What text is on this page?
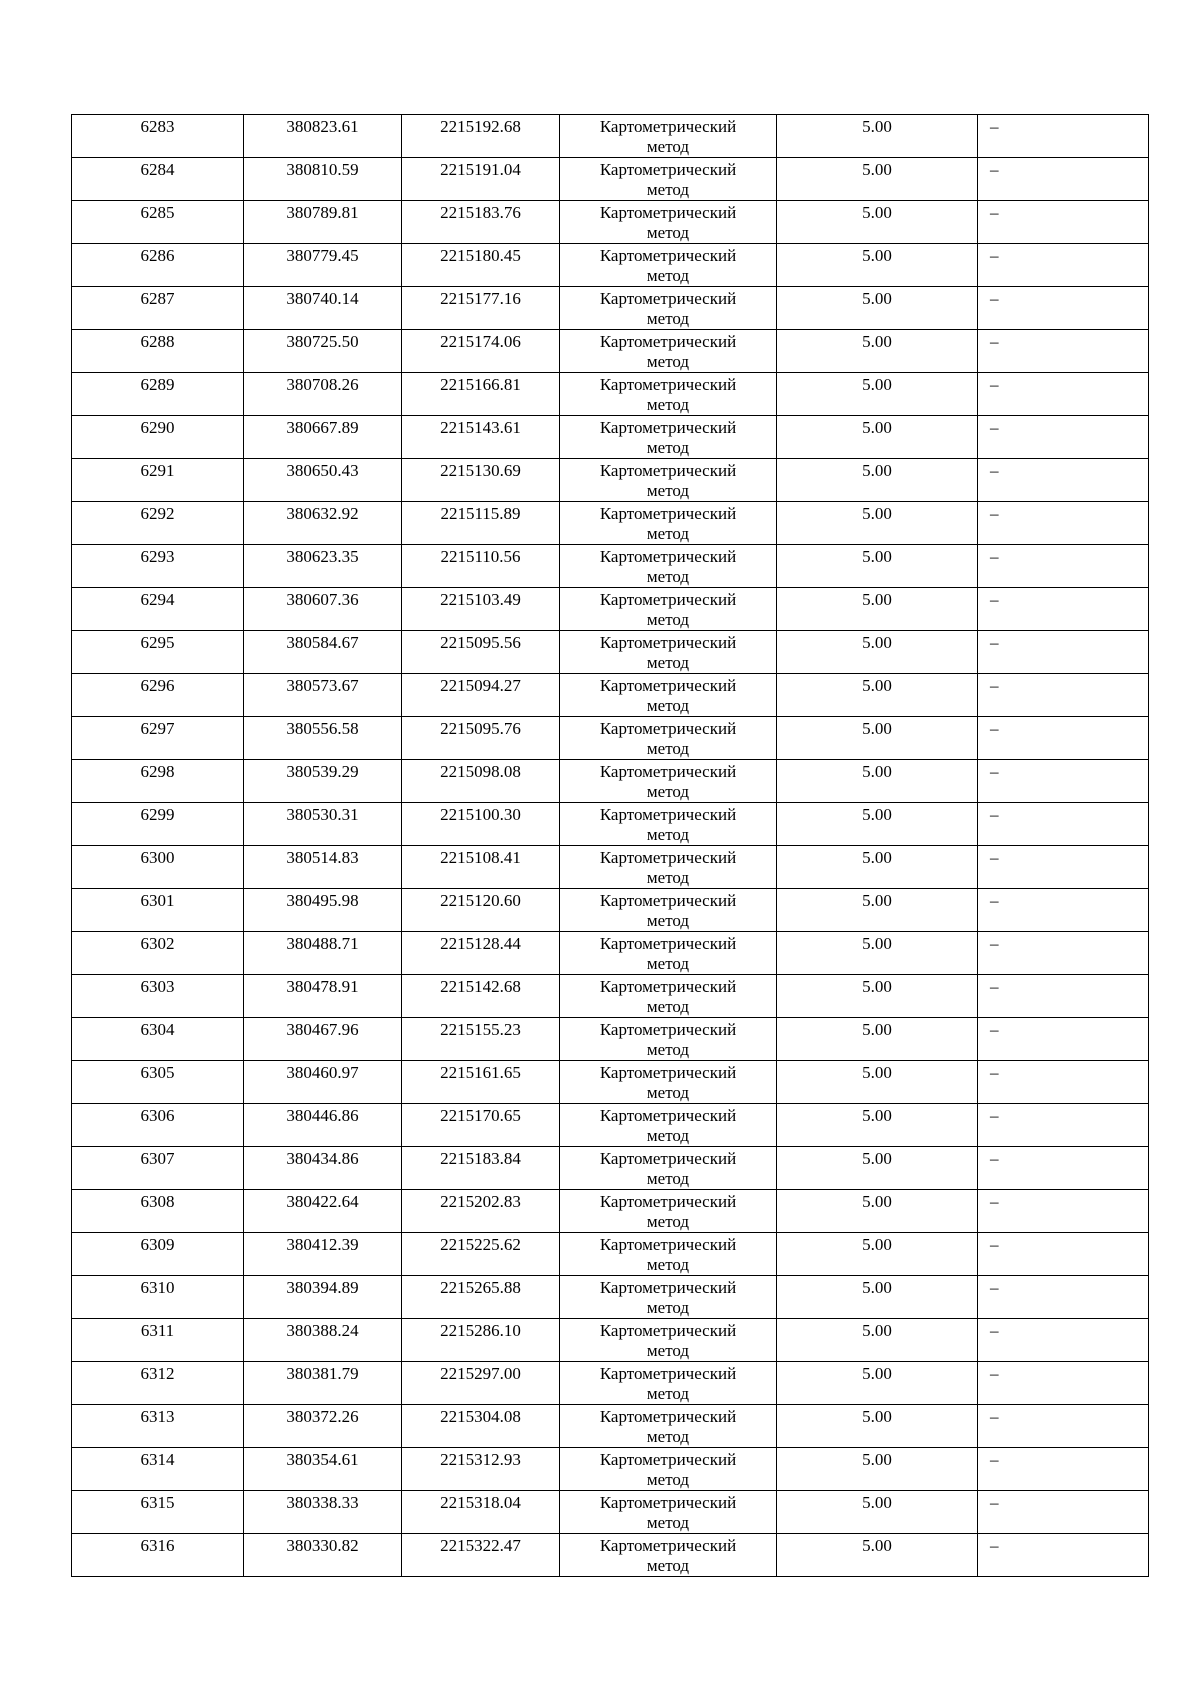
6283	380823.61	2215192.68	Картометрический
метод	5.00	–

6284	380810.59	2215191.04	Картометрический
метод	5.00	–

6285	380789.81	2215183.76	Картометрический
метод	5.00	–

6286	380779.45	2215180.45	Картометрический
метод	5.00	–

6287	380740.14	2215177.16	Картометрический
метод	5.00	–

6288	380725.50	2215174.06	Картометрический
метод	5.00	–

6289	380708.26	2215166.81	Картометрический
метод	5.00	–

6290	380667.89	2215143.61	Картометрический
метод	5.00	–

6291	380650.43	2215130.69	Картометрический
метод	5.00	–

6292	380632.92	2215115.89	Картометрический
метод	5.00	–

6293	380623.35	2215110.56	Картометрический
метод	5.00	–

6294	380607.36	2215103.49	Картометрический
метод	5.00	–

6295	380584.67	2215095.56	Картометрический
метод	5.00	–

6296	380573.67	2215094.27	Картометрический
метод	5.00	–

6297	380556.58	2215095.76	Картометрический
метод	5.00	–

6298	380539.29	2215098.08	Картометрический
метод	5.00	–

6299	380530.31	2215100.30	Картометрический
метод	5.00	–

6300	380514.83	2215108.41	Картометрический
метод	5.00	–

6301	380495.98	2215120.60	Картометрический
метод	5.00	–

6302	380488.71	2215128.44	Картометрический
метод	5.00	–

6303	380478.91	2215142.68	Картометрический
метод	5.00	–

6304	380467.96	2215155.23	Картометрический
метод	5.00	–

6305	380460.97	2215161.65	Картометрический
метод	5.00	–

6306	380446.86	2215170.65	Картометрический
метод	5.00	–

6307	380434.86	2215183.84	Картометрический
метод	5.00	–

6308	380422.64	2215202.83	Картометрический
метод	5.00	–

6309	380412.39	2215225.62	Картометрический
метод	5.00	–

6310	380394.89	2215265.88	Картометрический
метод	5.00	–

6311	380388.24	2215286.10	Картометрический
метод	5.00	–

6312	380381.79	2215297.00	Картометрический
метод	5.00	–

6313	380372.26	2215304.08	Картометрический
метод	5.00	–

6314	380354.61	2215312.93	Картометрический
метод	5.00	–

6315	380338.33	2215318.04	Картометрический
метод	5.00	–

6316	380330.82	2215322.47	Картометрический
метод	5.00	–
